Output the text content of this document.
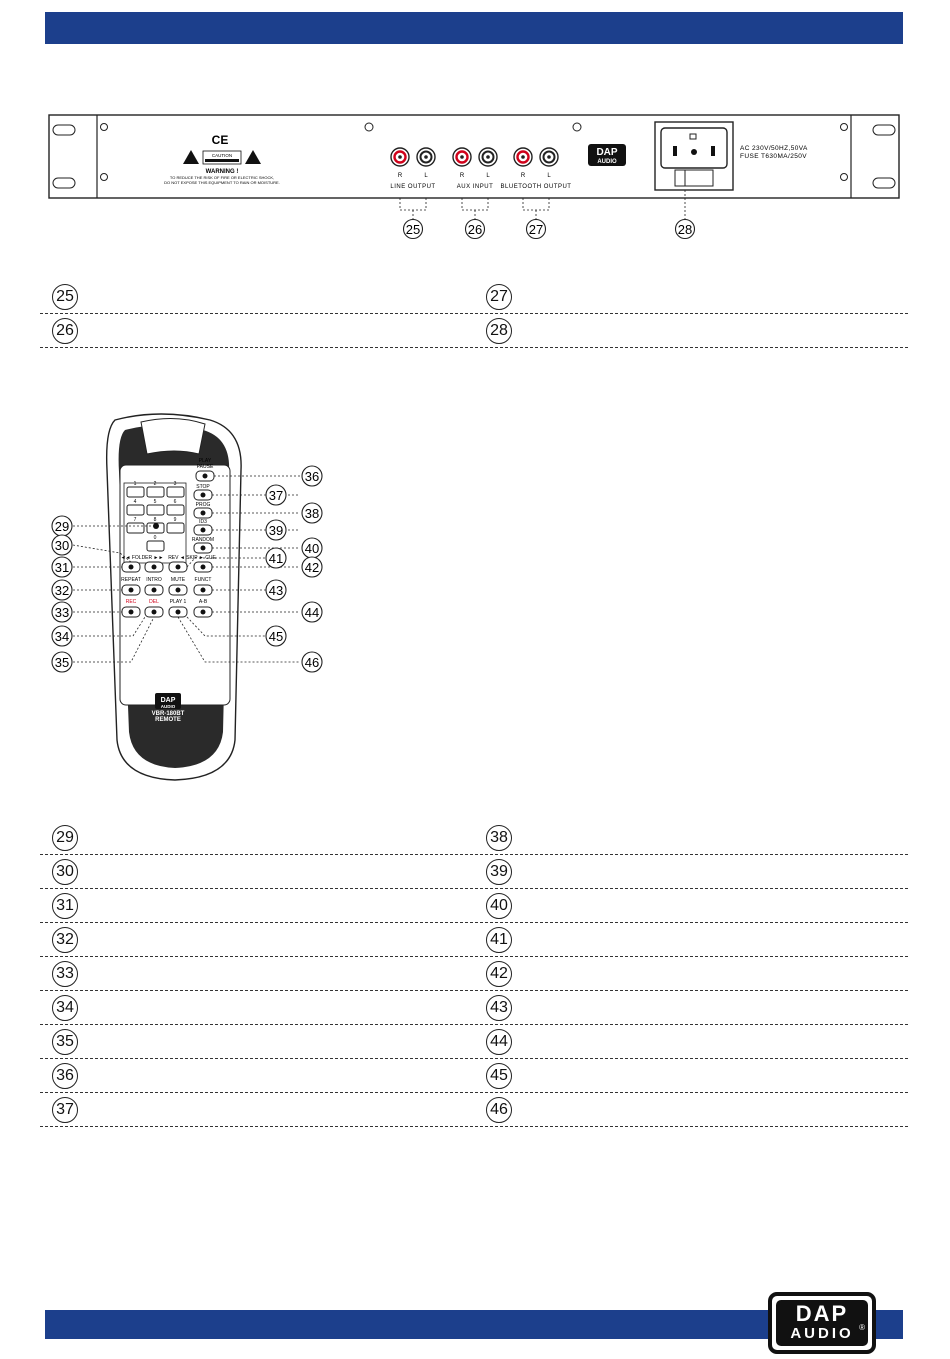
CE
CAUTION
WARNING !
TO REDUCE THE RISK OF FIRE OR ELECTRIC SHOCK,
DO NOT EXPOSE THIS EQUIPMENT TO RAIN OR MOISTURE.
R	L	R	L	R	L
LINE OUTPUT	AUX INPUT BLUETOOTH OUTPUT
DAP
AUDIO
AC 230V/50HZ,50VA
FUSE T630MA/250V
25	26	27	28
25	27
26	28
1	2	3
4	5	6
7	8	9
0
PLAY
PAUSE
STOP
PROG
ID3
RANDOM
◄◄ FOLDER ►► REV ◄ SKIP ► CUE
REPEAT INTRO MUTE FUNCT
REC	DEL PLAY 1	A-B
DAP
AUDIO
VBR-180BT
REMOTE
29
30
31
32
33
34
35
36
37
38
39
40
41
42
43
44
45
46
29	38
30	39
31	40
32	41
33	42
34	43
35	44
36	45
37	46
DAP
AUDIO ®
